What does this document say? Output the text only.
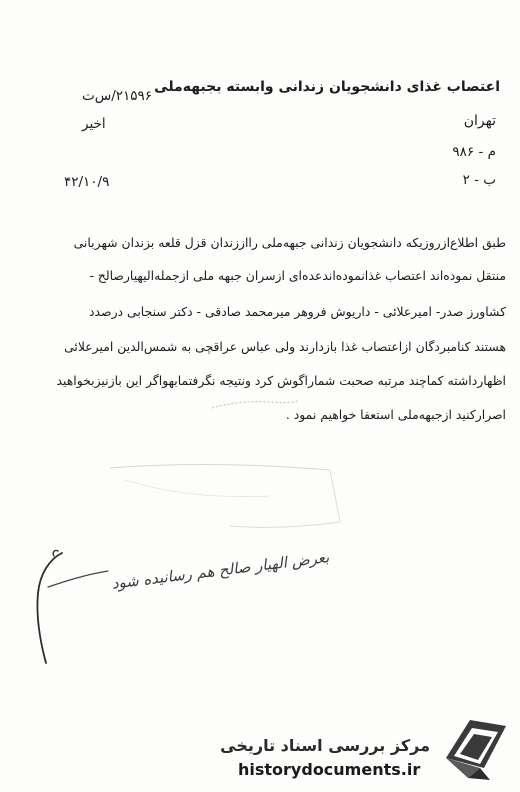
اعتصاب غذای دانشجویان زندانی وابسته بجبهه‌ملی
۲۱۵۹۶/س‌ت
تهران
اخیر
م - ۹۸۶
ب - ۲
۴۲/۱۰/۹
طبق اطلاع‌ازروزیکه دانشجویان زندانی جبهه‌ملی رااززندان قزل قلعه بزندان شهربانی
منتقل نموده‌اند اعتصاب غذانموده‌اندعده‌ای ازسران جبهه ملی ازجمله‌الیهیارصالح -
کشاورز صدر- امیرعلائی - داریوش فروهر میرمحمد صادقی - دکتر سنجابی درصدد
هستند کنامبردگان ازاعتصاب غذا بازدارند ولی عباس عراقچی به شمس‌الدین امیرعلائی
اظهارداشته کماچند مرتبه صحبت شماراگوش کرد ونتیجه نگرفتمابهواگر این بازنیزبخواهید
اصرارکنید ازجبهه‌ملی استعفا خواهیم نمود .
بعرض الهیار صالح هم رسانیده شود
مرکز بررسی اسناد تاریخی
historydocuments.ir
